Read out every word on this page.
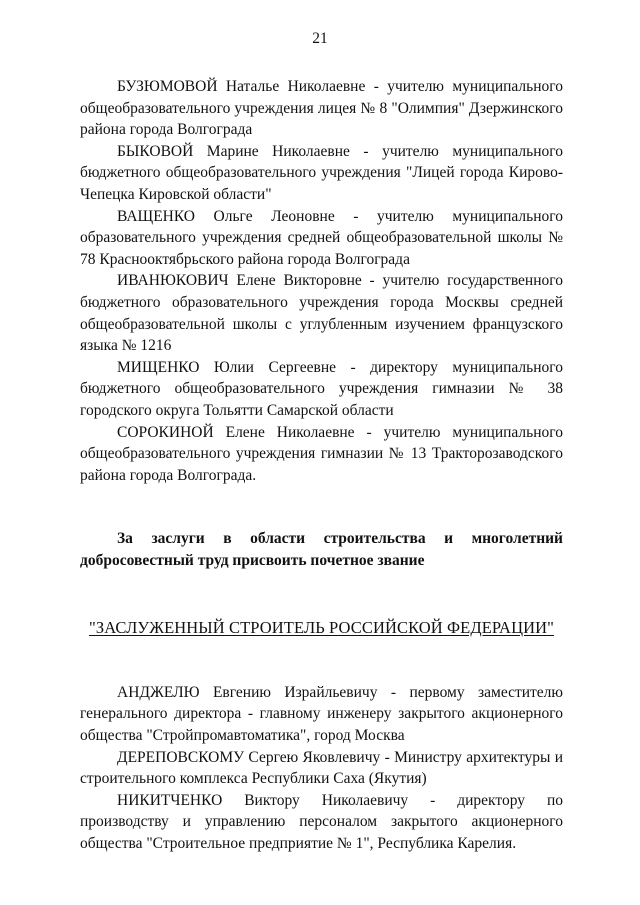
21

БУЗЮМОВОЙ Наталье Николаевне - учителю муниципального общеобразовательного учреждения лицея № 8 "Олимпия" Дзержинского района города Волгограда

БЫКОВОЙ Марине Николаевне - учителю муниципального бюджетного общеобразовательного учреждения "Лицей города Кирово-Чепецка Кировской области"

ВАЩЕНКО Ольге Леоновне - учителю муниципального образовательного учреждения средней общеобразовательной школы № 78 Краснооктябрьского района города Волгограда

ИВАНЮКОВИЧ Елене Викторовне - учителю государственного бюджетного образовательного учреждения города Москвы средней общеобразовательной школы с углубленным изучением французского языка № 1216

МИЩЕНКО Юлии Сергеевне - директору муниципального бюджетного общеобразовательного учреждения гимназии № 38 городского округа Тольятти Самарской области

СОРОКИНОЙ Елене Николаевне - учителю муниципального общеобразовательного учреждения гимназии № 13 Тракторозаводского района города Волгограда.

За заслуги в области строительства и многолетний добросовестный труд присвоить почетное звание

"ЗАСЛУЖЕННЫЙ СТРОИТЕЛЬ РОССИЙСКОЙ ФЕДЕРАЦИИ"

АНДЖЕЛЮ Евгению Израйльевичу - первому заместителю генерального директора - главному инженеру закрытого акционерного общества "Стройпромавтоматика", город Москва

ДЕРЕПОВСКОМУ Сергею Яковлевичу - Министру архитектуры и строительного комплекса Республики Саха (Якутия)

НИКИТЧЕНКО Виктору Николаевичу - директору по производству и управлению персоналом закрытого акционерного общества "Строительное предприятие № 1", Республика Карелия.
